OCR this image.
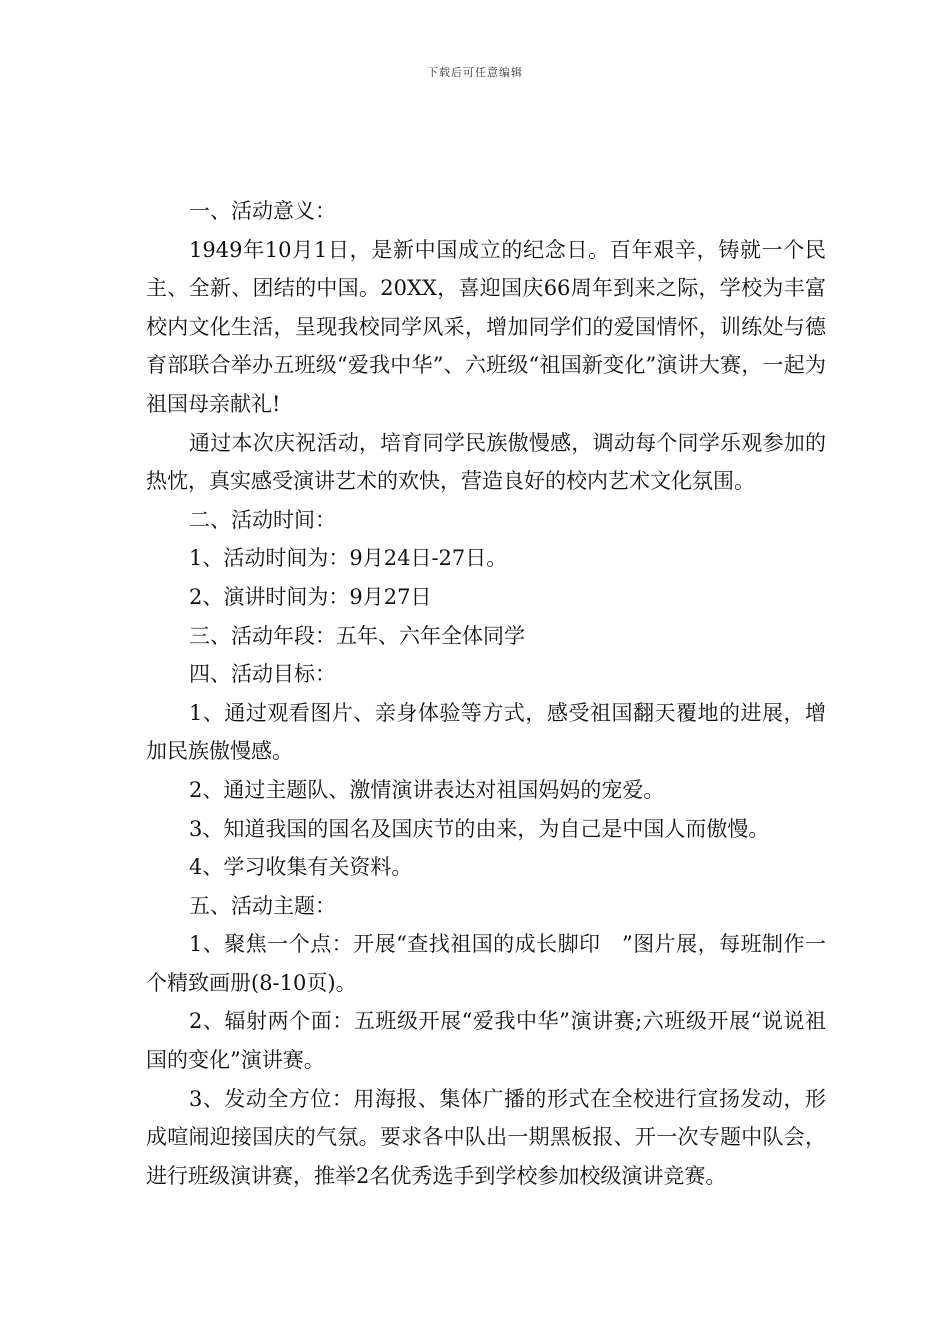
下载后可任意编辑

一、活动意义：

1949年10月1日，是新中国成立的纪念日。百年艰辛，铸就一个民主、全新、团结的中国。20XX，喜迎国庆66周年到来之际，学校为丰富校内文化生活，呈现我校同学风采，增加同学们的爱国情怀，训练处与德育部联合举办五班级“爱我中华”、六班级“祖国新变化”演讲大赛，一起为祖国母亲献礼!

通过本次庆祝活动，培育同学民族傲慢感，调动每个同学乐观参加的热忱，真实感受演讲艺术的欢快，营造良好的校内艺术文化氛围。

二、活动时间：

1、活动时间为：9月24日-27日。

2、演讲时间为：9月27日

三、活动年段：五年、六年全体同学

四、活动目标：

1、通过观看图片、亲身体验等方式，感受祖国翻天覆地的进展，增加民族傲慢感。

2、通过主题队、激情演讲表达对祖国妈妈的宠爱。

3、知道我国的国名及国庆节的由来，为自己是中国人而傲慢。

4、学习收集有关资料。

五、活动主题：

1、聚焦一个点：开展“查找祖国的成长脚印　”图片展，每班制作一个精致画册(8-10页)。

2、辐射两个面：五班级开展“爱我中华”演讲赛;六班级开展“说说祖国的变化”演讲赛。

3、发动全方位：用海报、集体广播的形式在全校进行宣扬发动，形成喧闹迎接国庆的气氛。要求各中队出一期黑板报、开一次专题中队会，进行班级演讲赛，推举2名优秀选手到学校参加校级演讲竞赛。
